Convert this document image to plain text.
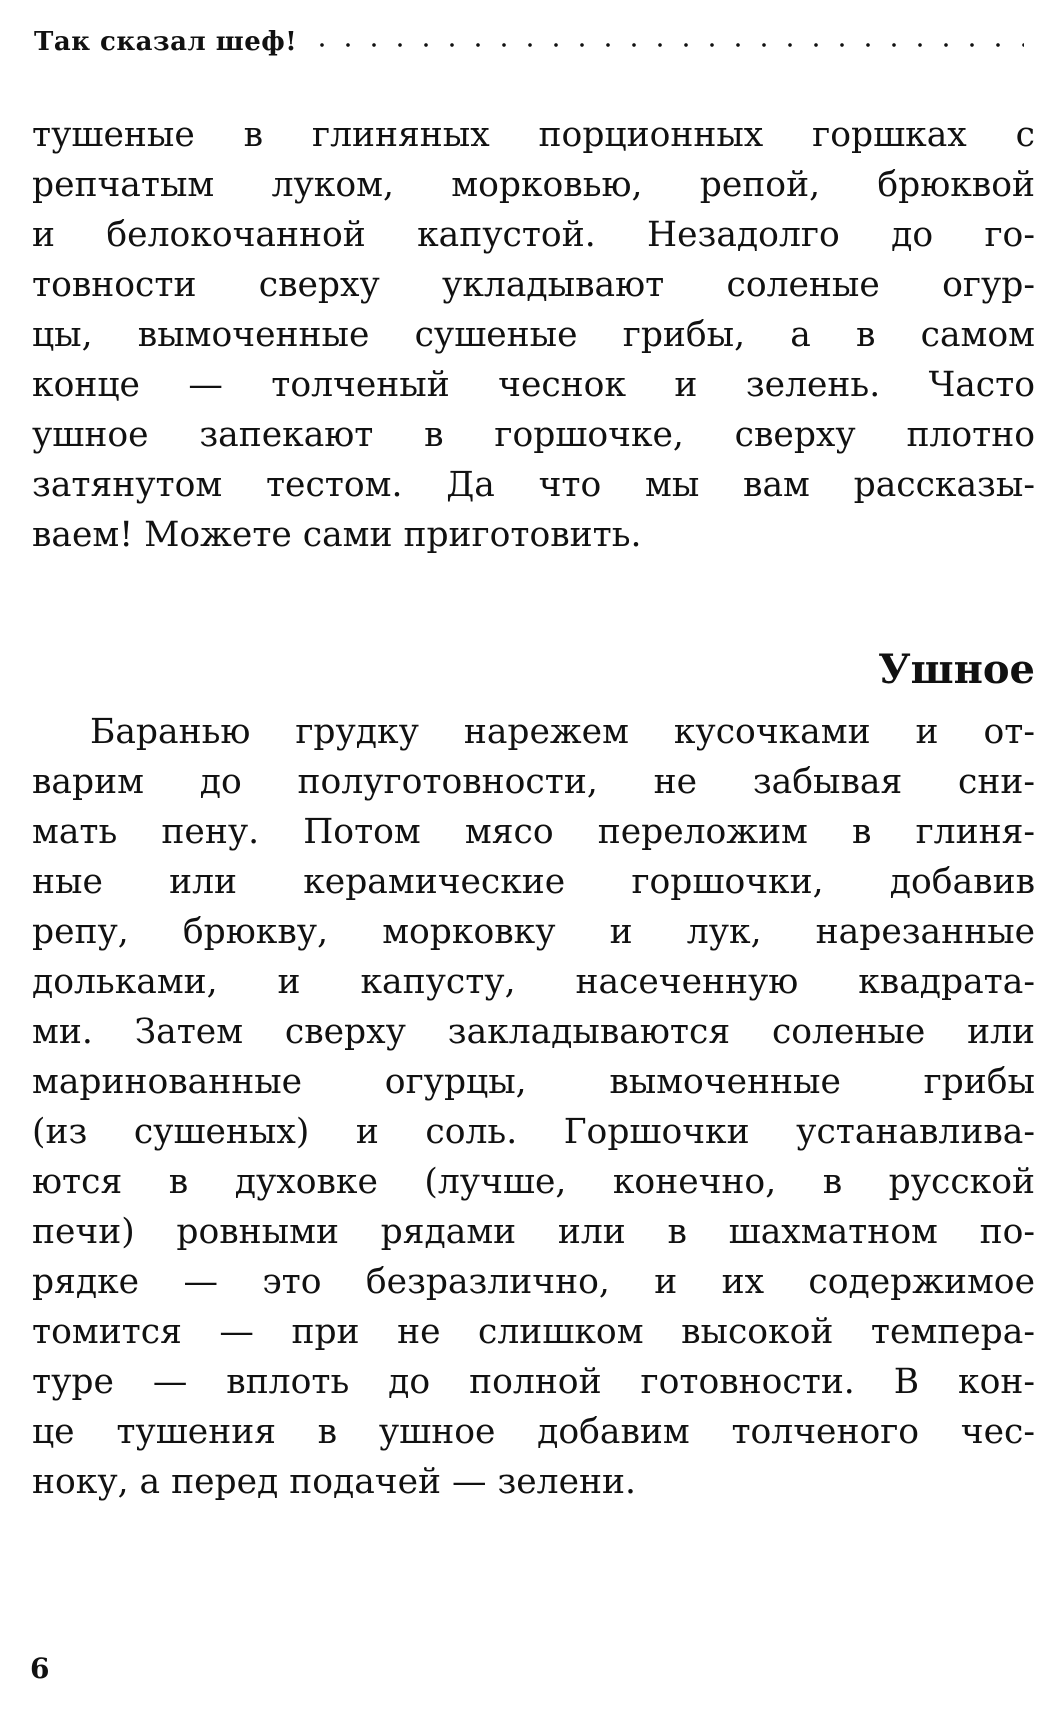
Так сказал шеф!
тушеные в глиняных порционных горшках с
репчатым луком, морковью, репой, брюквой
и белокочанной капустой. Незадолго до го-
товности сверху укладывают соленые огур-
цы, вымоченные сушеные грибы, а в самом
конце — толченый чеснок и зелень. Часто
ушное запекают в горшочке, сверху плотно
затянутом тестом. Да что мы вам рассказы-
ваем! Можете сами приготовить.
Ушное
Баранью грудку нарежем кусочками и от-
варим до полуготовности, не забывая сни-
мать пену. Потом мясо переложим в глиня-
ные или керамические горшочки, добавив
репу, брюкву, морковку и лук, нарезанные
дольками, и капусту, насеченную квадрата-
ми. Затем сверху закладываются соленые или
маринованные огурцы, вымоченные грибы
(из сушеных) и соль. Горшочки устанавлива-
ются в духовке (лучше, конечно, в русской
печи) ровными рядами или в шахматном по-
рядке — это безразлично, и их содержимое
томится — при не слишком высокой темпера-
туре — вплоть до полной готовности. В кон-
це тушения в ушное добавим толченого чес-
ноку, а перед подачей — зелени.
6
